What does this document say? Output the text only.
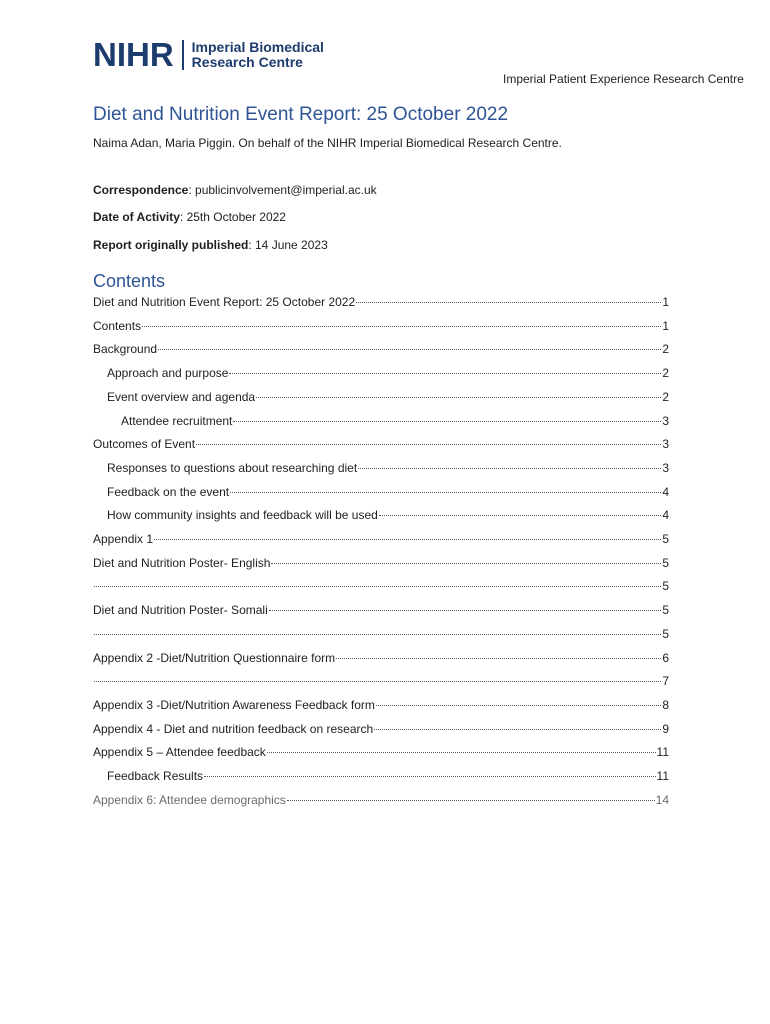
NIHR Imperial Biomedical
Research Centre
Imperial Patient Experience Research Centre
Diet and Nutrition Event Report: 25 October 2022
Naima Adan, Maria Piggin. On behalf of the NIHR Imperial Biomedical Research Centre.
Correspondence: publicinvolvement@imperial.ac.uk
Date of Activity: 25th October 2022
Report originally published: 14 June 2023
Contents
Diet and Nutrition Event Report: 25 October 2022	1
Contents	1
Background	2
Approach and purpose	2
Event overview and agenda	2
Attendee recruitment	3
Outcomes of Event	3
Responses to questions about researching diet	3
Feedback on the event	4
How community insights and feedback will be used	4
Appendix 1	5
Diet and Nutrition Poster- English	5
5
Diet and Nutrition Poster- Somali	5
5
Appendix 2 -Diet/Nutrition Questionnaire form	6
7
Appendix 3 -Diet/Nutrition Awareness Feedback form	8
Appendix 4 - Diet and nutrition feedback on research	9
Appendix 5 – Attendee feedback	11
Feedback Results	11
Appendix 6: Attendee demographics	14
